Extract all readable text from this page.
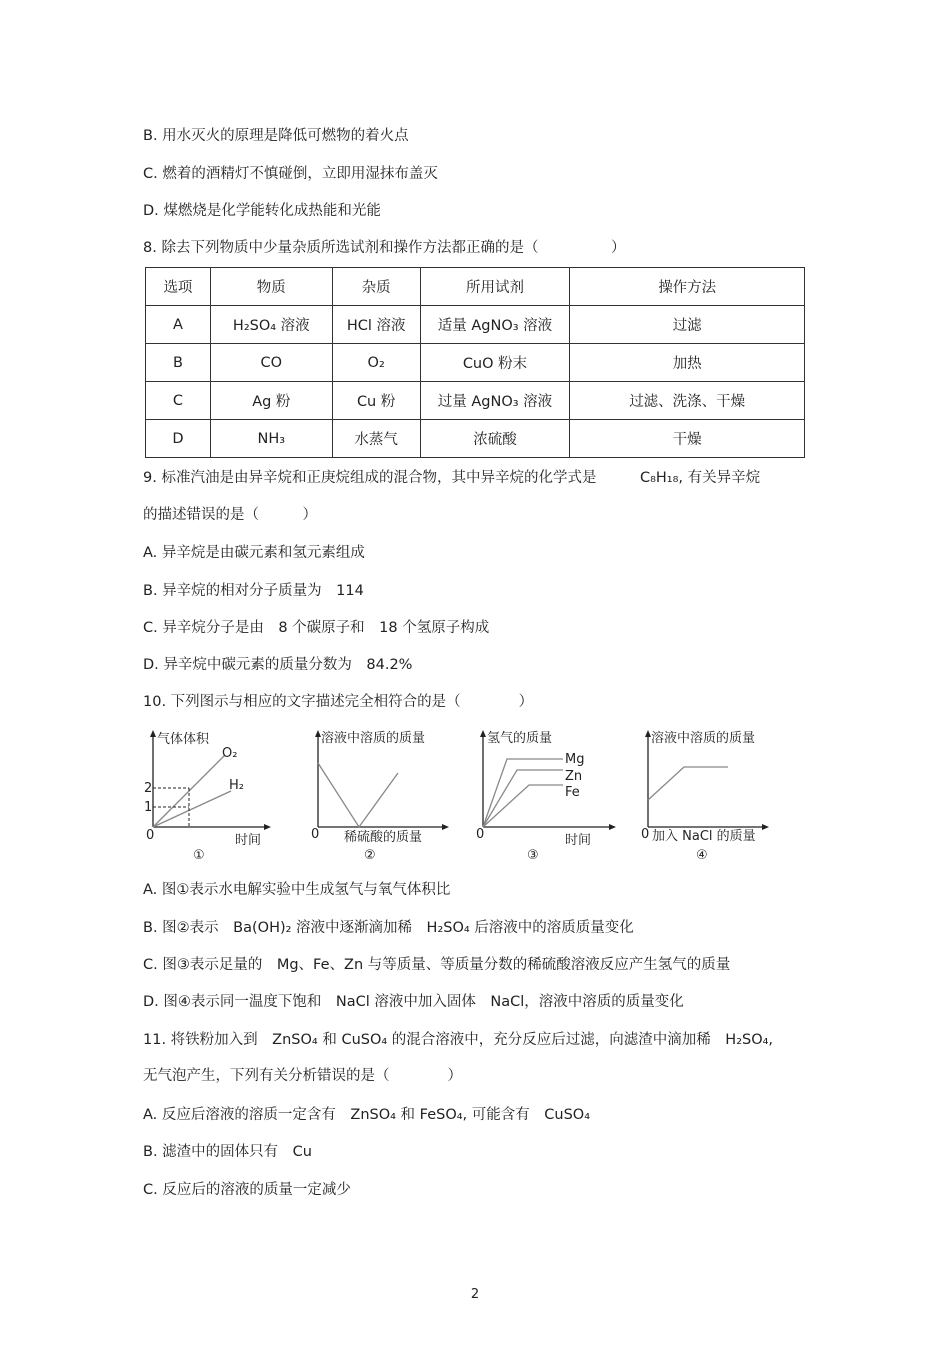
B. 用水灭火的原理是降低可燃物的着火点
C. 燃着的酒精灯不慎碰倒，立即用湿抹布盖灭
D. 煤燃烧是化学能转化成热能和光能
8. 除去下列物质中少量杂质所选试剂和操作方法都正确的是（　　　　　）
选项	物质	杂质	所用试剂	操作方法
A	H₂SO₄ 溶液	HCl 溶液	适量 AgNO₃ 溶液	过滤
B	CO	O₂	CuO 粉末	加热
C	Ag 粉	Cu 粉	过量 AgNO₃ 溶液	过滤、洗涤、干燥
D	NH₃	水蒸气	浓硫酸	干燥
9. 标准汽油是由异辛烷和正庚烷组成的混合物，其中异辛烷的化学式是　　　C₈H₁₈, 有关异辛烷
的描述错误的是（　　　）
A. 异辛烷是由碳元素和氢元素组成
B. 异辛烷的相对分子质量为　114
C. 异辛烷分子是由　8 个碳原子和　18 个氢原子构成
D. 异辛烷中碳元素的质量分数为　84.2%
10. 下列图示与相应的文字描述完全相符合的是（　　　　）
气体体积
O₂
H₂
2
1
0	时间
①
溶液中溶质的质量
0 稀硫酸的质量
②
氢气的质量
Mg
Zn
Fe
0	时间
③
溶液中溶质的质量
0 加入 NaCl 的质量
④
A. 图①表示水电解实验中生成氢气与氧气体积比
B. 图②表示　Ba(OH)₂ 溶液中逐渐滴加稀　H₂SO₄ 后溶液中的溶质质量变化
C. 图③表示足量的　Mg、Fe、Zn 与等质量、等质量分数的稀硫酸溶液反应产生氢气的质量
D. 图④表示同一温度下饱和　NaCl 溶液中加入固体　NaCl，溶液中溶质的质量变化
11. 将铁粉加入到　ZnSO₄ 和 CuSO₄ 的混合溶液中，充分反应后过滤，向滤渣中滴加稀　H₂SO₄,
无气泡产生，下列有关分析错误的是（　　　　）
A. 反应后溶液的溶质一定含有　ZnSO₄ 和 FeSO₄, 可能含有　CuSO₄
B. 滤渣中的固体只有　Cu
C. 反应后的溶液的质量一定减少
2
